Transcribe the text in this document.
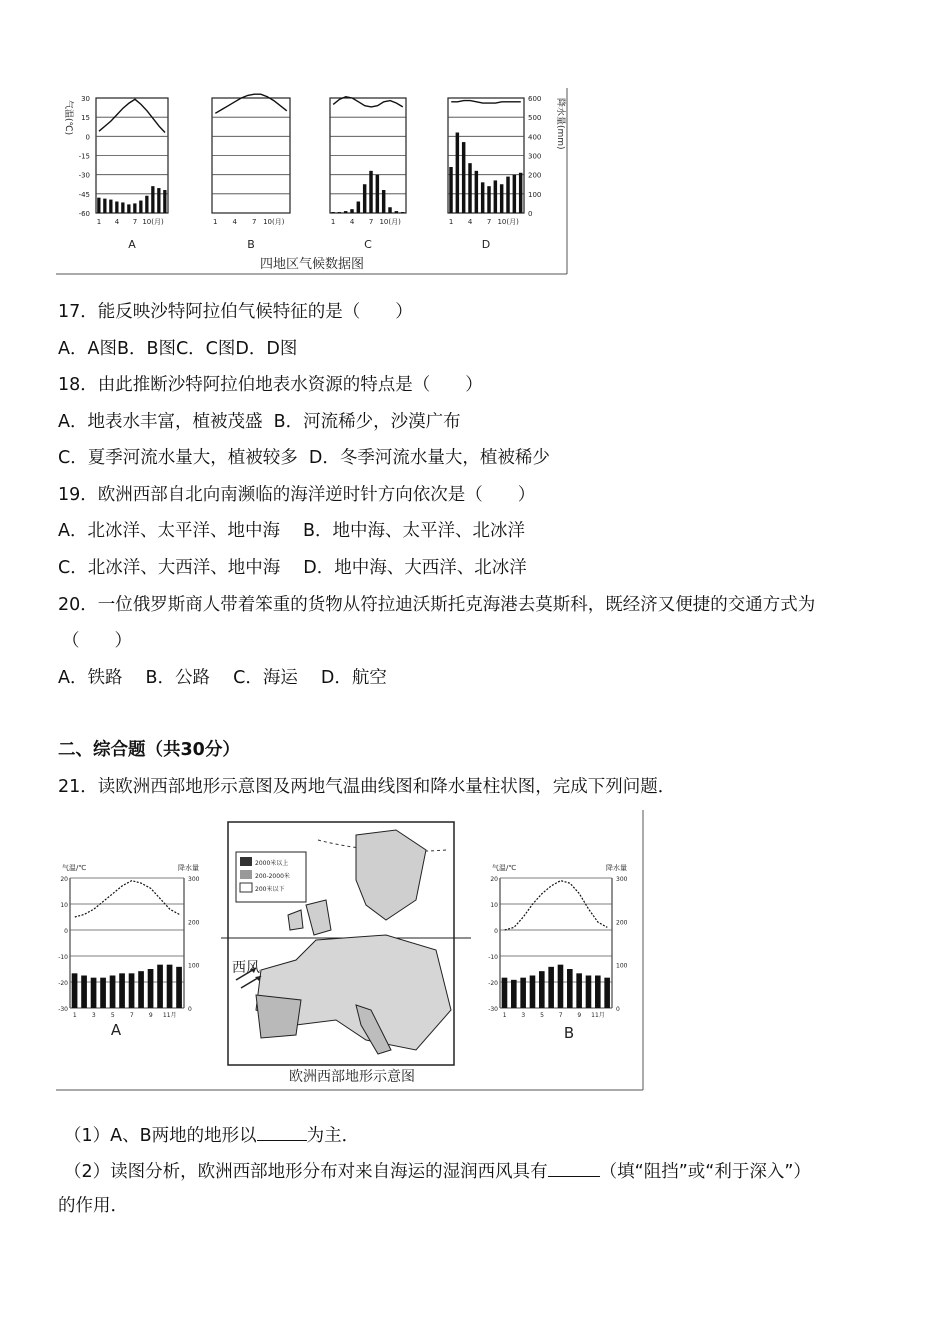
30
15
0
-15
-30
-45
-60
600
500
400
300
200
100
0
1 4 7 10(月)
A
1 4 7 10(月)
B
1 4 7 10(月)
C
1 4 7 10(月)
D
气温(℃)	降水量(mm)
四地区气候数据图
17．能反映沙特阿拉伯气候特征的是（　　）
A．A图B．B图C．C图D．D图
18．由此推断沙特阿拉伯地表水资源的特点是（　　）
A．地表水丰富，植被茂盛  B．河流稀少，沙漠广布
C．夏季河流水量大，植被较多  D．冬季河流水量大，植被稀少
19．欧洲西部自北向南濒临的海洋逆时针方向依次是（　　）
A．北冰洋、太平洋、地中海　 B．地中海、太平洋、北冰洋
C．北冰洋、大西洋、地中海　 D．地中海、大西洋、北冰洋
20．一位俄罗斯商人带着笨重的货物从符拉迪沃斯托克海港去莫斯科，既经济又便捷的交通方式为
（　　）
A．铁路　 B．公路　 C．海运　 D．航空
二、综合题（共30分）
21．读欧洲西部地形示意图及两地气温曲线图和降水量柱状图，完成下列问题．
气温/℃	降水量
20
10
0
-10
-20
-30
300
200
100
0
1	3	5	7	9 11月
气温/℃	降水量
20
10
0
-10
-20
-30
300
200
100
0
1 3 5 7 9 11月
2000米以上
200-2000米
200米以下
西风
欧洲西部地形示意图
A	B
（1）A、B两地的地形以	为主．
（2）读图分析，欧洲西部地形分布对来自海运的湿润西风具有	（填“阻挡”或“利于深入”）
的作用．
